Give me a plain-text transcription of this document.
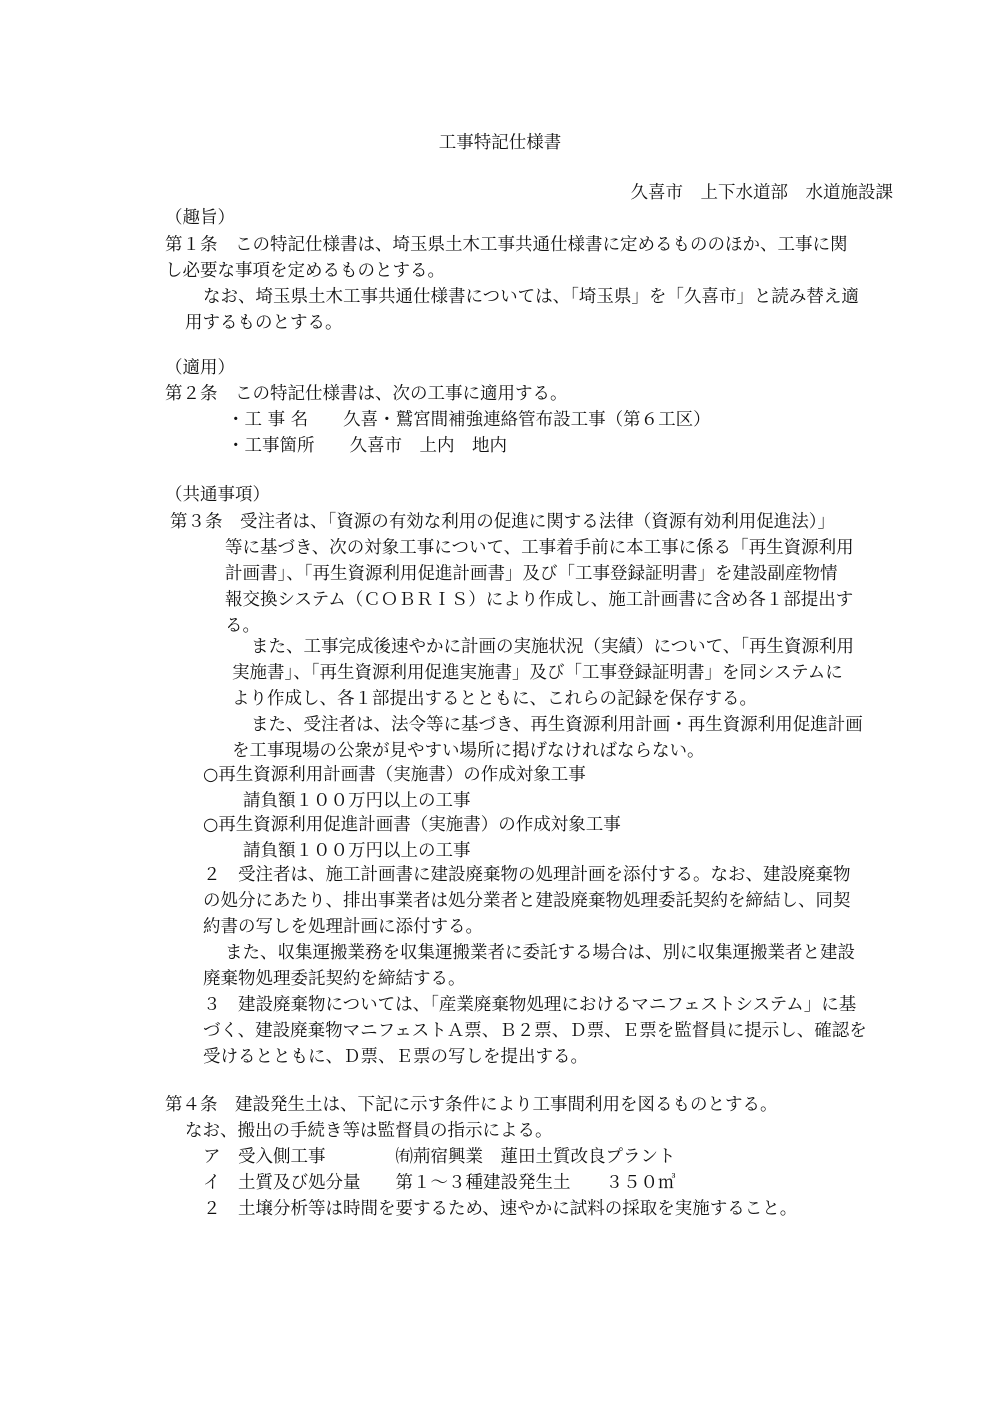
工事特記仕様書
久喜市　上下水道部　水道施設課
（趣旨）
第１条　この特記仕様書は、埼玉県土木工事共通仕様書に定めるもののほか、工事に関
し必要な事項を定めるものとする。
なお、埼玉県土木工事共通仕様書については、「埼玉県」を「久喜市」と読み替え適
用するものとする。
（適用）
第２条　この特記仕様書は、次の工事に適用する。
・工 事 名　　久喜・鷲宮間補強連絡管布設工事（第６工区）
・工事箇所　　久喜市　上内　地内
（共通事項）
第３条　受注者は、「資源の有効な利用の促進に関する法律（資源有効利用促進法）」
等に基づき、次の対象工事について、工事着手前に本工事に係る「再生資源利用
計画書」、「再生資源利用促進計画書」及び「工事登録証明書」を建設副産物情
報交換システム（ＣＯＢＲＩＳ）により作成し、施工計画書に含め各１部提出す
る。
また、工事完成後速やかに計画の実施状況（実績）について、「再生資源利用
実施書」、「再生資源利用促進実施書」及び「工事登録証明書」を同システムに
より作成し、各１部提出するとともに、これらの記録を保存する。
また、受注者は、法令等に基づき、再生資源利用計画・再生資源利用促進計画
を工事現場の公衆が見やすい場所に掲げなければならない。
○再生資源利用計画書（実施書）の作成対象工事
請負額１００万円以上の工事
○再生資源利用促進計画書（実施書）の作成対象工事
請負額１００万円以上の工事
２　受注者は、施工計画書に建設廃棄物の処理計画を添付する。なお、建設廃棄物
の処分にあたり、排出事業者は処分業者と建設廃棄物処理委託契約を締結し、同契
約書の写しを処理計画に添付する。
また、収集運搬業務を収集運搬業者に委託する場合は、別に収集運搬業者と建設
廃棄物処理委託契約を締結する。
３　建設廃棄物については、「産業廃棄物処理におけるマニフェストシステム」に基
づく、建設廃棄物マニフェストＡ票、Ｂ２票、Ｄ票、Ｅ票を監督員に提示し、確認を
受けるとともに、Ｄ票、Ｅ票の写しを提出する。
第４条　建設発生土は、下記に示す条件により工事間利用を図るものとする。
なお、搬出の手続き等は監督員の指示による。
ア　受入側工事　　　　㈲荊宿興業　蓮田土質改良プラント
イ　土質及び処分量　　第１～３種建設発生土　　３５０㎥
２　土壌分析等は時間を要するため、速やかに試料の採取を実施すること。
